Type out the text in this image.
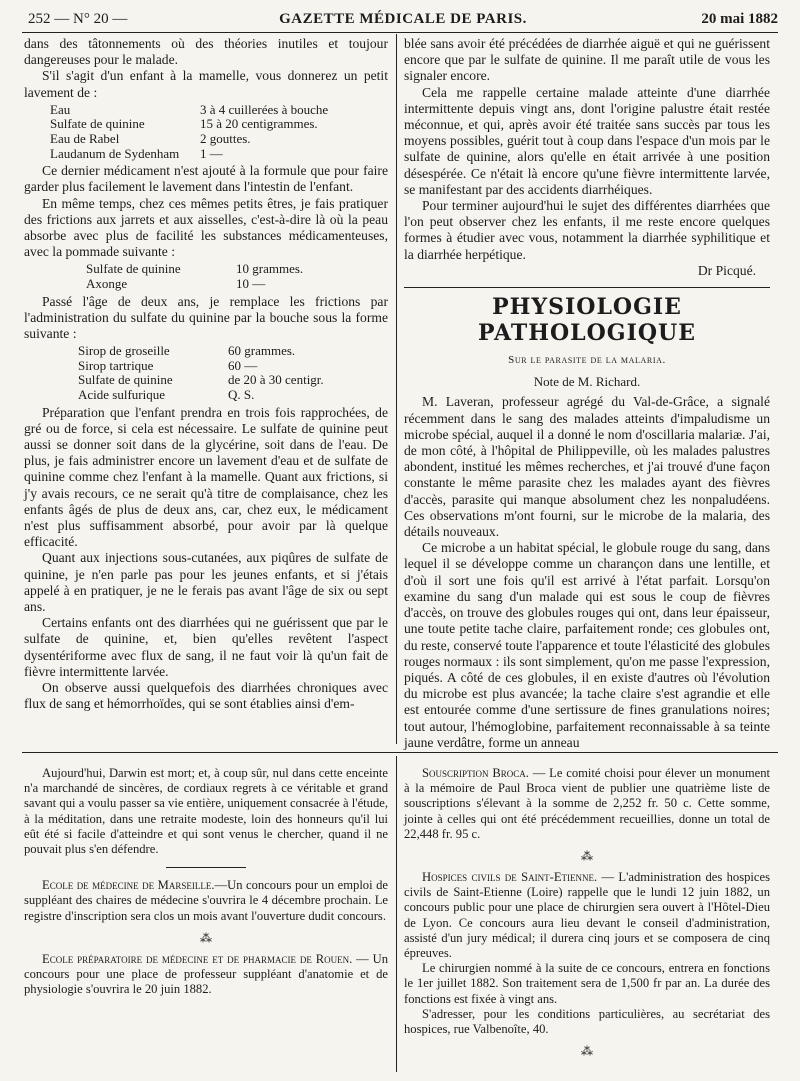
252 — N° 20 —	GAZETTE MÉDICALE DE PARIS.	20 mai 1882

dans des tâtonnements où des théories inutiles et toujour dangereuses pour le malade.

S'il s'agit d'un enfant à la mamelle, vous donnerez un petit lavement de :

Eau	3 à 4 cuillerées à bouche
Sulfate de quinine	15 à 20 centigrammes.
Eau de Rabel	2 gouttes.
Laudanum de Sydenham	1 —

Ce dernier médicament n'est ajouté à la formule que pour faire garder plus facilement le lavement dans l'intestin de l'enfant.

En même temps, chez ces mêmes petits êtres, je fais pratiquer des frictions aux jarrets et aux aisselles, c'est-à-dire là où la peau absorbe avec plus de facilité les substances médicamenteuses, avec la pommade suivante :

Sulfate de quinine	10 grammes.
Axonge	10 —

Passé l'âge de deux ans, je remplace les frictions par l'administration du sulfate du quinine par la bouche sous la forme suivante :

Sirop de groseille	60 grammes.
Sirop tartrique	60 —
Sulfate de quinine	de 20 à 30 centigr.
Acide sulfurique	Q. S.

Préparation que l'enfant prendra en trois fois rapprochées, de gré ou de force, si cela est nécessaire. Le sulfate de quinine peut aussi se donner soit dans de la glycérine, soit dans de l'eau. De plus, je fais administrer encore un lavement d'eau et de sulfate de quinine comme chez l'enfant à la mamelle. Quant aux frictions, si j'y avais recours, ce ne serait qu'à titre de complaisance, chez les enfants âgés de plus de deux ans, car, chez eux, le médicament n'est plus suffisamment absorbé, pour avoir par là quelque efficacité.

Quant aux injections sous-cutanées, aux piqûres de sulfate de quinine, je n'en parle pas pour les jeunes enfants, et si j'étais appelé à en pratiquer, je ne le ferais pas avant l'âge de six ou sept ans.

Certains enfants ont des diarrhées qui ne guérissent que par le sulfate de quinine, et, bien qu'elles revêtent l'aspect dysentériforme avec flux de sang, il ne faut voir là qu'un fait de fièvre intermittente larvée.

On observe aussi quelquefois des diarrhées chroniques avec flux de sang et hémorrhoïdes, qui se sont établies ainsi d'em-

blée sans avoir été précédées de diarrhée aiguë et qui ne guérissent encore que par le sulfate de quinine. Il me paraît utile de vous les signaler encore.

Cela me rappelle certaine malade atteinte d'une diarrhée intermittente depuis vingt ans, dont l'origine palustre était restée méconnue, et qui, après avoir été traitée sans succès par tous les moyens possibles, guérit tout à coup dans l'espace d'un mois par le sulfate de quinine, alors qu'elle en était arrivée à une position désespérée. Ce n'était là encore qu'une fièvre intermittente larvée, se manifestant par des accidents diarrhéiques.

Pour terminer aujourd'hui le sujet des différentes diarrhées que l'on peut observer chez les enfants, il me reste encore quelques formes à étudier avec vous, notamment la diarrhée syphilitique et la diarrhée herpétique.

Dr Picqué.

PHYSIOLOGIE PATHOLOGIQUE
Sur le parasite de la malaria.
Note de M. Richard.

M. Laveran, professeur agrégé du Val-de-Grâce, a signalé récemment dans le sang des malades atteints d'impaludisme un microbe spécial, auquel il a donné le nom d'oscillaria malariæ. J'ai, de mon côté, à l'hôpital de Philippeville, où les malades palustres abondent, institué les mêmes recherches, et j'ai trouvé d'une façon constante le même parasite chez les malades ayant des fièvres d'accès, parasite qui manque absolument chez les nonpaludéens. Ces observations m'ont fourni, sur le microbe de la malaria, des détails nouveaux.

Ce microbe a un habitat spécial, le globule rouge du sang, dans lequel il se développe comme un charançon dans une lentille, et d'où il sort une fois qu'il est arrivé à l'état parfait. Lorsqu'on examine du sang d'un malade qui est sous le coup de fièvres d'accès, on trouve des globules rouges qui ont, dans leur épaisseur, une toute petite tache claire, parfaitement ronde; ces globules ont, du reste, conservé toute l'apparence et toute l'élasticité des globules rouges normaux : ils sont simplement, qu'on me passe l'expression, piqués. A côté de ces globules, il en existe d'autres où l'évolution du microbe est plus avancée; la tache claire s'est agrandie et elle est entourée comme d'une sertissure de fines granulations noires; tout autour, l'hémoglobine, parfaitement reconnaissable à sa teinte jaune verdâtre, forme un anneau

Aujourd'hui, Darwin est mort; et, à coup sûr, nul dans cette enceinte n'a marchandé de sincères, de cordiaux regrets à ce véritable et grand savant qui a voulu passer sa vie entière, uniquement consacrée à l'étude, à la méditation, dans une retraite modeste, loin des honneurs qu'il lui eût été si facile d'atteindre et qui sont venus le chercher, quand il ne pouvait plus s'en défendre.

Ecole de médecine de Marseille.—Un concours pour un emploi de suppléant des chaires de médecine s'ouvrira le 4 décembre prochain. Le registre d'inscription sera clos un mois avant l'ouverture dudit concours.

⁂

Ecole préparatoire de médecine et de pharmacie de Rouen. — Un concours pour une place de professeur suppléant d'anatomie et de physiologie s'ouvrira le 20 juin 1882.

Souscription Broca. — Le comité choisi pour élever un monument à la mémoire de Paul Broca vient de publier une quatrième liste de souscriptions s'élevant à la somme de 2,252 fr. 50 c. Cette somme, jointe à celles qui ont été précédemment recueillies, donne un total de 22,448 fr. 95 c.

⁂

Hospices civils de Saint-Etienne. — L'administration des hospices civils de Saint-Etienne (Loire) rappelle que le lundi 12 juin 1882, un concours public pour une place de chirurgien sera ouvert à l'Hôtel-Dieu de Lyon. Ce concours aura lieu devant le conseil d'administration, assisté d'un jury médical; il durera cinq jours et se composera de cinq épreuves.

Le chirurgien nommé à la suite de ce concours, entrera en fonctions le 1er juillet 1882. Son traitement sera de 1,500 fr par an. La durée des fonctions est fixée à vingt ans.

S'adresser, pour les conditions particulières, au secrétariat des hospices, rue Valbenoîte, 40.

⁂
